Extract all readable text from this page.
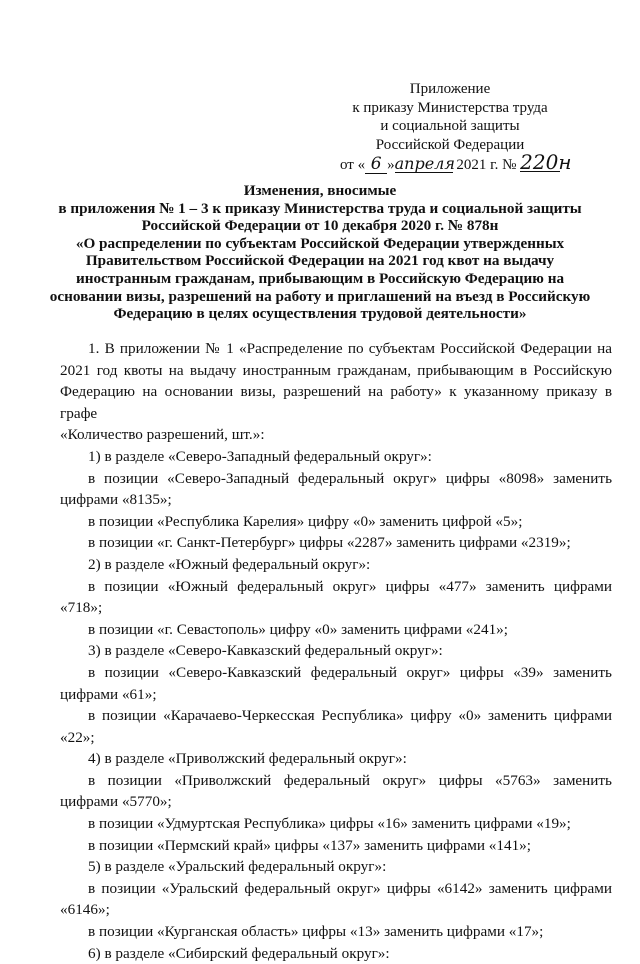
Приложение
к приказу Министерства труда
и социальной защиты
Российской Федерации
от « 6 »апреля 2021 г. № 220н
Изменения, вносимые
в приложения № 1 – 3 к приказу Министерства труда и социальной защиты
Российской Федерации от 10 декабря 2020 г. № 878н
«О распределении по субъектам Российской Федерации утвержденных
Правительством Российской Федерации на 2021 год квот на выдачу
иностранным гражданам, прибывающим в Российскую Федерацию на
основании визы, разрешений на работу и приглашений на въезд в Российскую
Федерацию в целях осуществления трудовой деятельности»
1. В приложении № 1 «Распределение по субъектам Российской Федерации на
2021 год квоты на выдачу иностранным гражданам, прибывающим в Российскую
Федерацию на основании визы, разрешений на работу» к указанному приказу в графе
«Количество разрешений, шт.»:
1) в разделе «Северо-Западный федеральный округ»:
в позиции «Северо-Западный федеральный округ» цифры «8098» заменить
цифрами «8135»;
в позиции «Республика Карелия» цифру «0» заменить цифрой «5»;
в позиции «г. Санкт-Петербург» цифры «2287» заменить цифрами «2319»;
2) в разделе «Южный федеральный округ»:
в позиции «Южный федеральный округ» цифры «477» заменить цифрами
«718»;
в позиции «г. Севастополь» цифру «0» заменить цифрами «241»;
3) в разделе «Северо-Кавказский федеральный округ»:
в позиции «Северо-Кавказский федеральный округ» цифры «39» заменить
цифрами «61»;
в позиции «Карачаево-Черкесская Республика» цифру «0» заменить цифрами
«22»;
4) в разделе «Приволжский федеральный округ»:
в позиции «Приволжский федеральный округ» цифры «5763» заменить
цифрами «5770»;
в позиции «Удмуртская Республика» цифры «16» заменить цифрами «19»;
в позиции «Пермский край» цифры «137» заменить цифрами «141»;
5) в разделе «Уральский федеральный округ»:
в позиции «Уральский федеральный округ» цифры «6142» заменить цифрами
«6146»;
в позиции «Курганская область» цифры «13» заменить цифрами «17»;
6) в разделе «Сибирский федеральный округ»:
